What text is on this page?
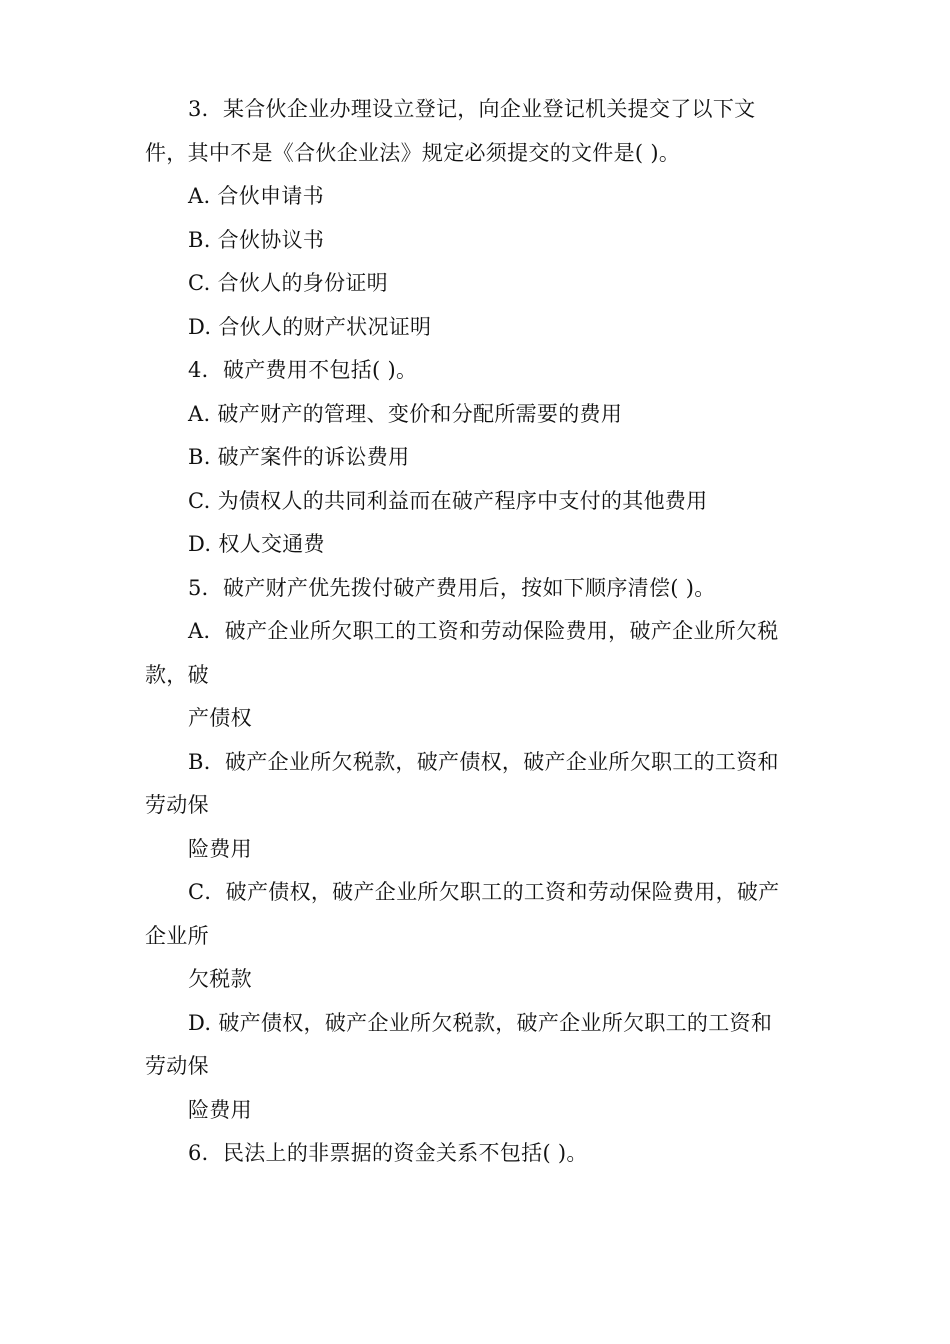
3．某合伙企业办理设立登记，向企业登记机关提交了以下文
件，其中不是《合伙企业法》规定必须提交的文件是( )。
A. 合伙申请书
B. 合伙协议书
C. 合伙人的身份证明
D. 合伙人的财产状况证明
4．破产费用不包括( )。
A. 破产财产的管理、变价和分配所需要的费用
B. 破产案件的诉讼费用
C. 为债权人的共同利益而在破产程序中支付的其他费用
D. 权人交通费
5．破产财产优先拨付破产费用后，按如下顺序清偿( )。
A．破产企业所欠职工的工资和劳动保险费用，破产企业所欠税
款，破
产债权
B．破产企业所欠税款，破产债权，破产企业所欠职工的工资和
劳动保
险费用
C．破产债权，破产企业所欠职工的工资和劳动保险费用，破产
企业所
欠税款
D. 破产债权，破产企业所欠税款，破产企业所欠职工的工资和
劳动保
险费用
6．民法上的非票据的资金关系不包括( )。
